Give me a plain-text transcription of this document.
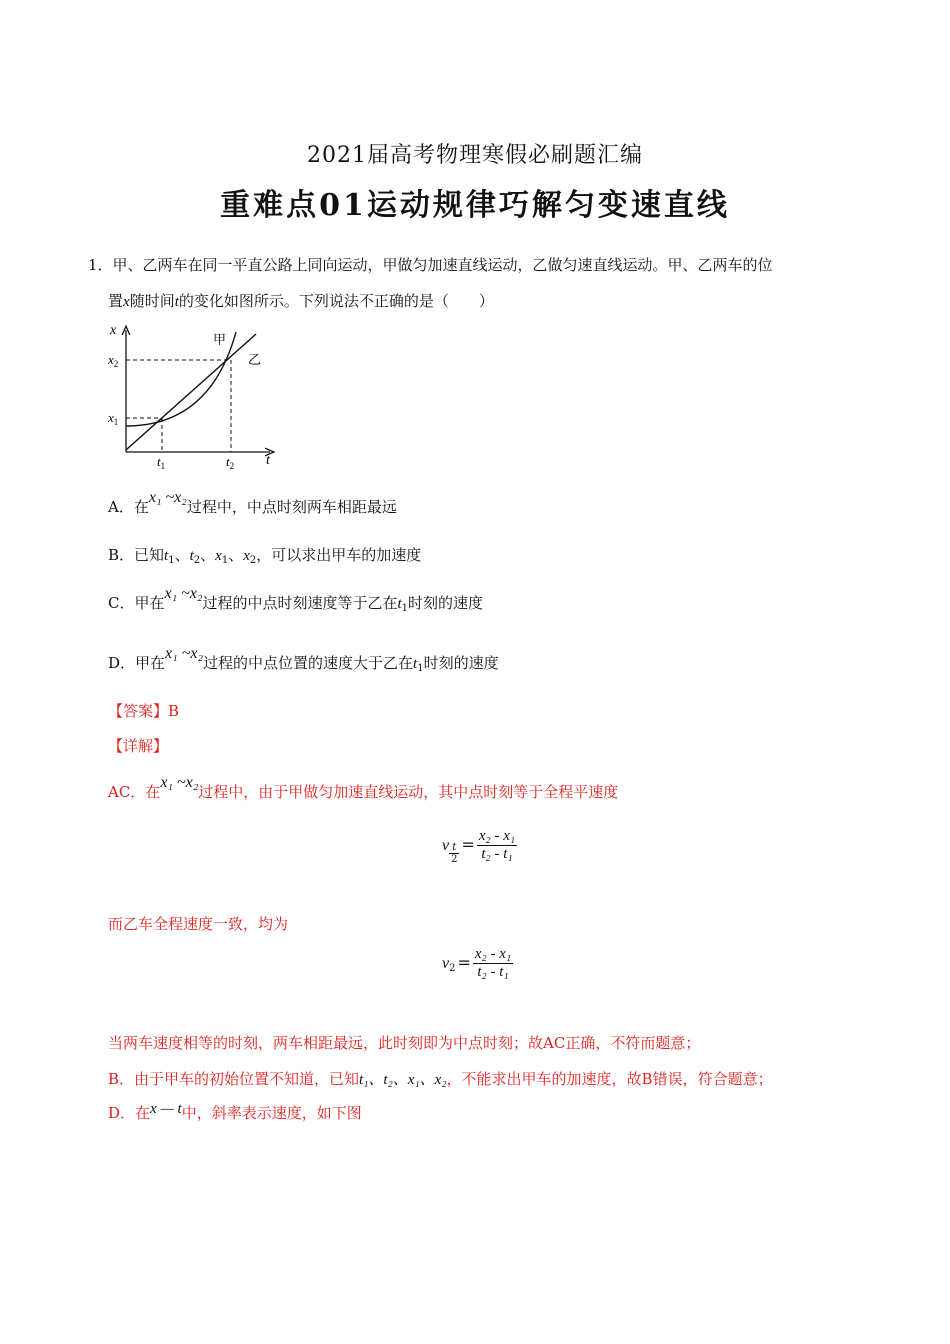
2021届高考物理寒假必刷题汇编
重难点01运动规律巧解匀变速直线
1．甲、乙两车在同一平直公路上同向运动，甲做匀加速直线运动，乙做匀速直线运动。甲、乙两车的位
置x随时间t的变化如图所示。下列说法不正确的是（　　）
x
t
$x_2$
$x_1$
$t_1$	$t_2$
甲
乙
A．在x₁ ~x₂过程中，中点时刻两车相距最远
B．已知$t_1$、$t_2$、$x_1$、$x_2$，可以求出甲车的加速度
C．甲在x₁ ~x₂过程的中点时刻速度等于乙在$t_1$时刻的速度
D．甲在x₁ ~x₂过程的中点位置的速度大于乙在$t_1$时刻的速度
【答案】B
【详解】
AC．在x₁ ~x₂过程中，由于甲做匀加速直线运动，其中点时刻等于全程平速度
v $\frac{t}{2} = \frac{\text{x₂ - x₁}}{\text{t₂ - t₁}}$
而乙车全程速度一致，均为
$v2 = \frac{\text{x₂ - x₁}}{\text{t₂ - t₁}}$
当两车速度相等的时刻，两车相距最远，此时刻即为中点时刻；故AC正确，不符而题意；
B．由于甲车的初始位置不知道，已知t₁、t₂、x₁、x₂，不能求出甲车的加速度，故B错误，符合题意；
D．在x — t中，斜率表示速度，如下图
